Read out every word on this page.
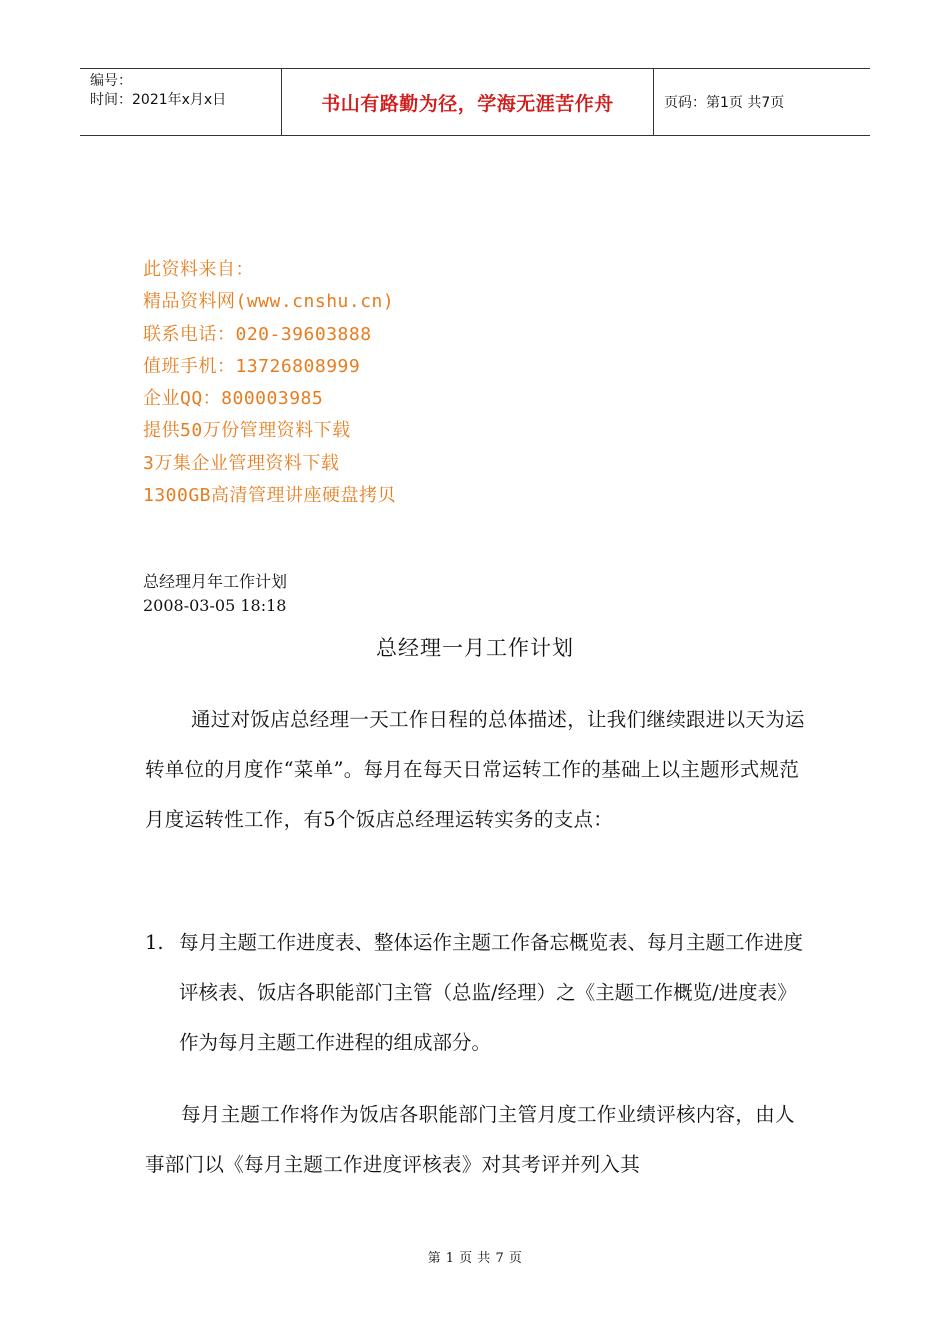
编号：
时间：2021年x月x日	书山有路勤为径，学海无涯苦作舟	页码：第1页 共7页
此资料来自：
精品资料网(www.cnshu.cn)
联系电话：020-39603888
值班手机：13726808999
企业QQ：800003985
提供50万份管理资料下载
3万集企业管理资料下载
1300GB高清管理讲座硬盘拷贝
总经理月年工作计划
2008-03-05 18:18
总经理一月工作计划
通过对饭店总经理一天工作日程的总体描述，让我们继续跟进以天为运转单位的月度作“菜单”。每月在每天日常运转工作的基础上以主题形式规范月度运转性工作，有5个饭店总经理运转实务的支点：
1. 每月主题工作进度表、整体运作主题工作备忘概览表、每月主题工作进度评核表、饭店各职能部门主管（总监/经理）之《主题工作概览/进度表》作为每月主题工作进程的组成部分。
每月主题工作将作为饭店各职能部门主管月度工作业绩评核内容，由人事部门以《每月主题工作进度评核表》对其考评并列入其
第 1 页 共 7 页
